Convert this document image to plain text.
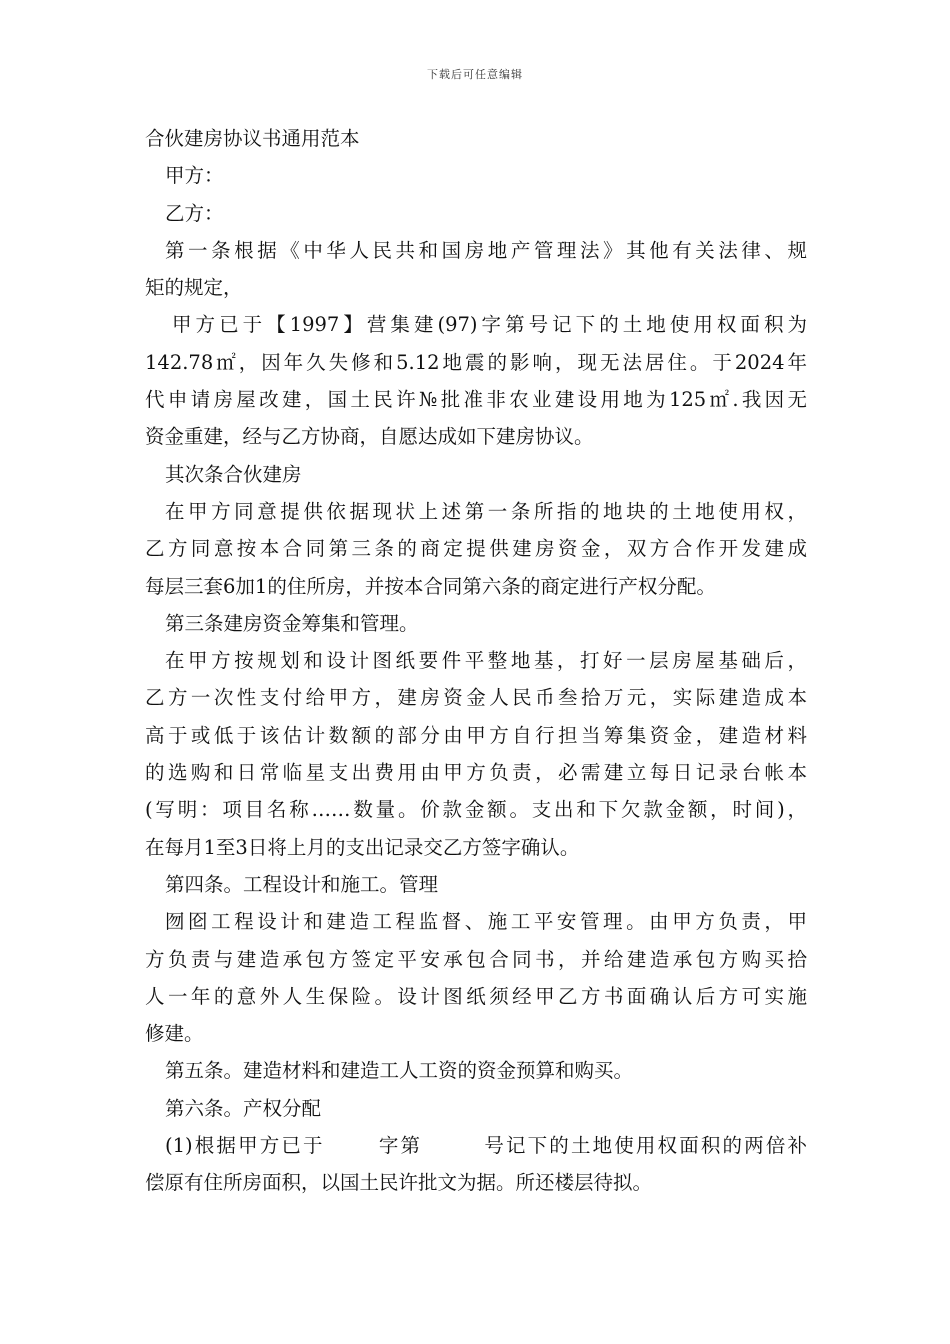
下载后可任意编辑

合伙建房协议书通用范本

甲方：

乙方：

第一条根据《中华人民共和国房地产管理法》其他有关法律、规

矩的规定，

甲方已于【1997】营集建(97)字第号记下的土地使用权面积为

142.78㎡，因年久失修和5.12地震的影响，现无法居住。于2024年

代申请房屋改建，国土民许№批准非农业建设用地为125㎡.我因无

资金重建，经与乙方协商，自愿达成如下建房协议。

其次条合伙建房

在甲方同意提供依据现状上述第一条所指的地块的土地使用权，

乙方同意按本合同第三条的商定提供建房资金，双方合作开发建成

每层三套6加1的住所房，并按本合同第六条的商定进行产权分配。

第三条建房资金筹集和管理。

在甲方按规划和设计图纸要件平整地基，打好一层房屋基础后，

乙方一次性支付给甲方，建房资金人民币叁拾万元，实际建造成本

高于或低于该估计数额的部分由甲方自行担当筹集资金，建造材料

的选购和日常临星支出费用由甲方负责，必需建立每日记录台帐本

(写明：项目名称……数量。价款金额。支出和下欠款金额，时间)，

在每月1至3日将上月的支出记录交乙方签字确认。

第四条。工程设计和施工。管理

囫囵工程设计和建造工程监督、施工平安管理。由甲方负责，甲

方负责与建造承包方签定平安承包合同书，并给建造承包方购买拾

人一年的意外人生保险。设计图纸须经甲乙方书面确认后方可实施

修建。

第五条。建造材料和建造工人工资的资金预算和购买。

第六条。产权分配

(1)根据甲方已于	字第	号记下的土地使用权面积的两倍补

偿原有住所房面积，以国土民许批文为据。所还楼层待拟。
